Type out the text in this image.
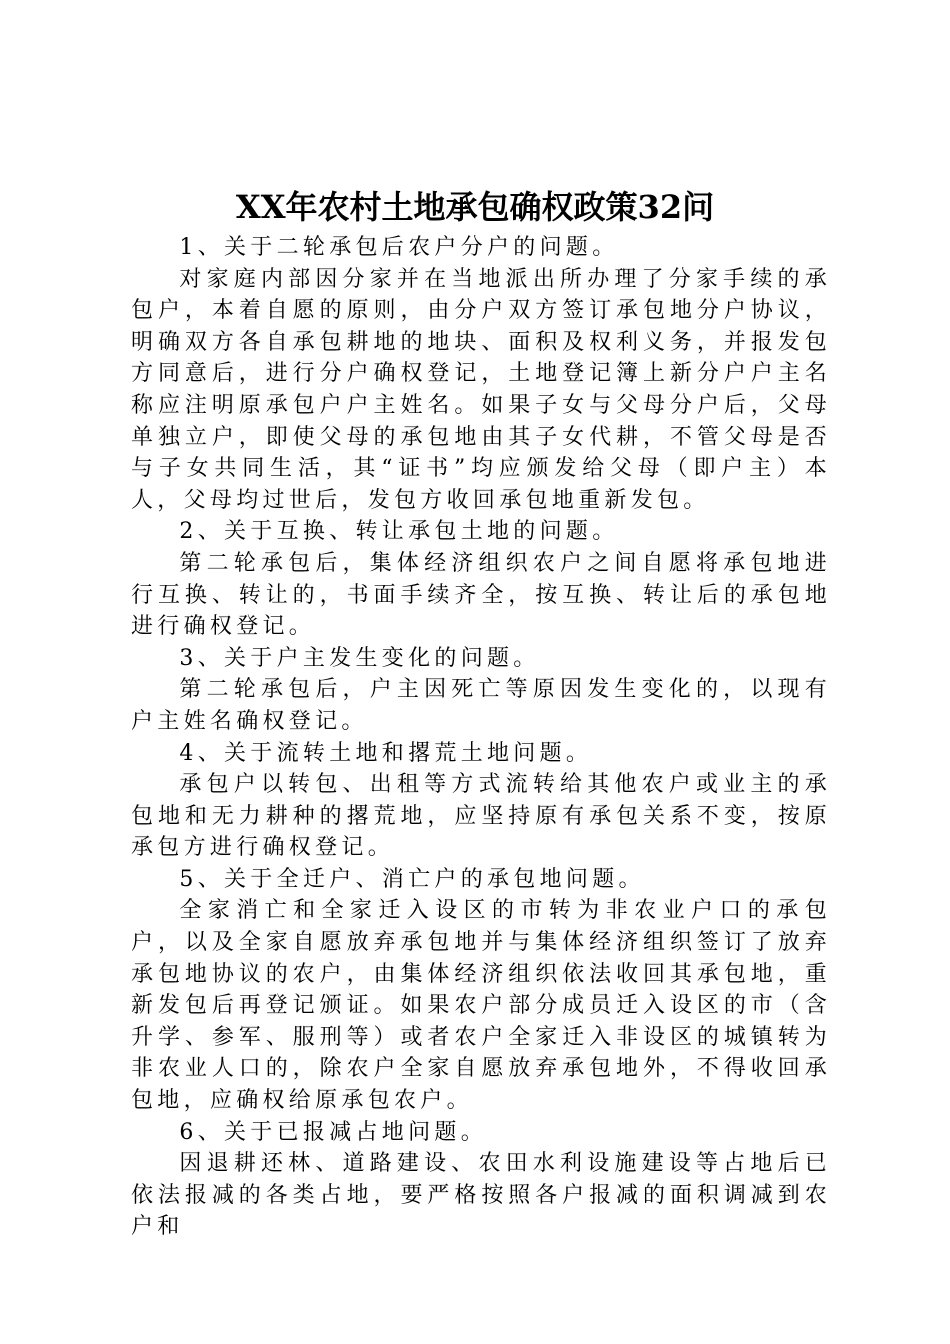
XX年农村土地承包确权政策32问

1、关于二轮承包后农户分户的问题。

对家庭内部因分家并在当地派出所办理了分家手续的承包户，本着自愿的原则，由分户双方签订承包地分户协议，明确双方各自承包耕地的地块、面积及权利义务，并报发包方同意后，进行分户确权登记，土地登记簿上新分户户主名称应注明原承包户户主姓名。如果子女与父母分户后，父母单独立户，即使父母的承包地由其子女代耕，不管父母是否与子女共同生活，其“证书”均应颁发给父母（即户主）本人，父母均过世后，发包方收回承包地重新发包。

2、关于互换、转让承包土地的问题。

第二轮承包后，集体经济组织农户之间自愿将承包地进行互换、转让的，书面手续齐全，按互换、转让后的承包地进行确权登记。

3、关于户主发生变化的问题。

第二轮承包后，户主因死亡等原因发生变化的，以现有户主姓名确权登记。

4、关于流转土地和撂荒土地问题。

承包户以转包、出租等方式流转给其他农户或业主的承包地和无力耕种的撂荒地，应坚持原有承包关系不变，按原承包方进行确权登记。

5、关于全迁户、消亡户的承包地问题。

全家消亡和全家迁入设区的市转为非农业户口的承包户，以及全家自愿放弃承包地并与集体经济组织签订了放弃承包地协议的农户，由集体经济组织依法收回其承包地，重新发包后再登记颁证。如果农户部分成员迁入设区的市（含升学、参军、服刑等）或者农户全家迁入非设区的城镇转为非农业人口的，除农户全家自愿放弃承包地外，不得收回承包地，应确权给原承包农户。

6、关于已报减占地问题。

因退耕还林、道路建设、农田水利设施建设等占地后已依法报减的各类占地，要严格按照各户报减的面积调减到农户和
